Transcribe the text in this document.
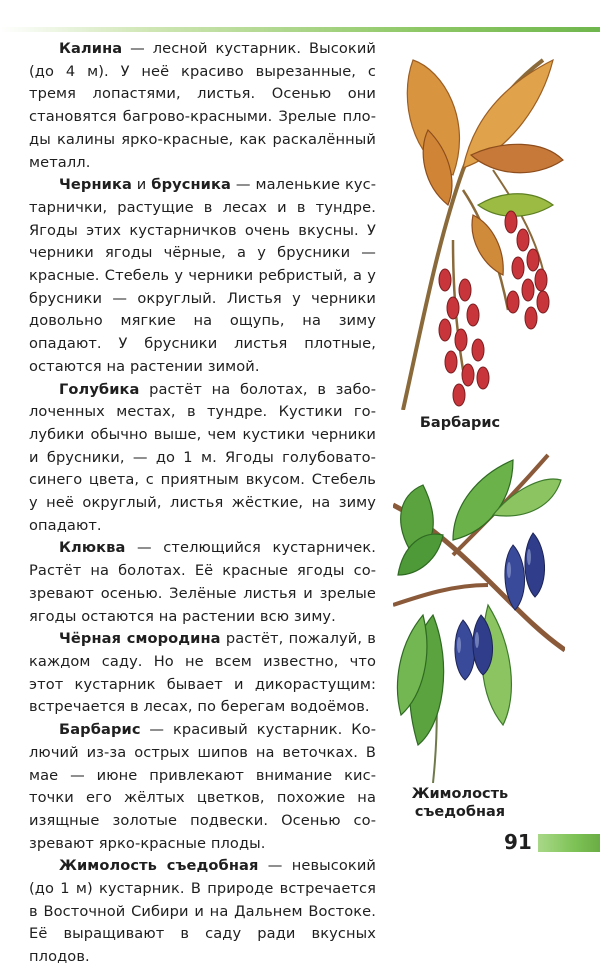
Калина — лесной кустарник. Высокий (до 4 м). У неё красиво вырезанные, с тремя лопастями, листья. Осенью они становятся багрово-красными. Зрелые плоды калины ярко-красные, как раскалённый металл.

Черника и брусника — маленькие кустарнички, растущие в лесах и в тундре. Ягоды этих кустарничков очень вкусны. У черники ягоды чёрные, а у брусники — красные. Стебель у черники ребристый, а у брусники — округлый. Листья у черники довольно мягкие на ощупь, на зиму опадают. У брусники листья плотные, остаются на растении зимой.

Голубика растёт на болотах, в заболоченных местах, в тундре. Кустики голубики обычно выше, чем кустики черники и брусники, — до 1 м. Ягоды голубовато-синего цвета, с приятным вкусом. Стебель у неё округлый, листья жёсткие, на зиму опадают.

Клюква — стелющийся кустарничек. Растёт на болотах. Её красные ягоды созревают осенью. Зелёные листья и зрелые ягоды остаются на растении всю зиму.

Чёрная смородина растёт, пожалуй, в каждом саду. Но не всем известно, что этот кустарник бывает и дикорастущим: встречается в лесах, по берегам водоёмов.

Барбарис — красивый кустарник. Колючий из-за острых шипов на веточках. В мае — июне привлекают внимание кисточки его жёлтых цветков, похожие на изящные золотые подвески. Осенью созревают ярко-красные плоды.

Жимолость съедобная — невысокий (до 1 м) кустарник. В природе встречается в Восточной Сибири и на Дальнем Востоке. Её выращивают в саду ради вкусных плодов.

Барбарис
Жимолость съедобная
91
